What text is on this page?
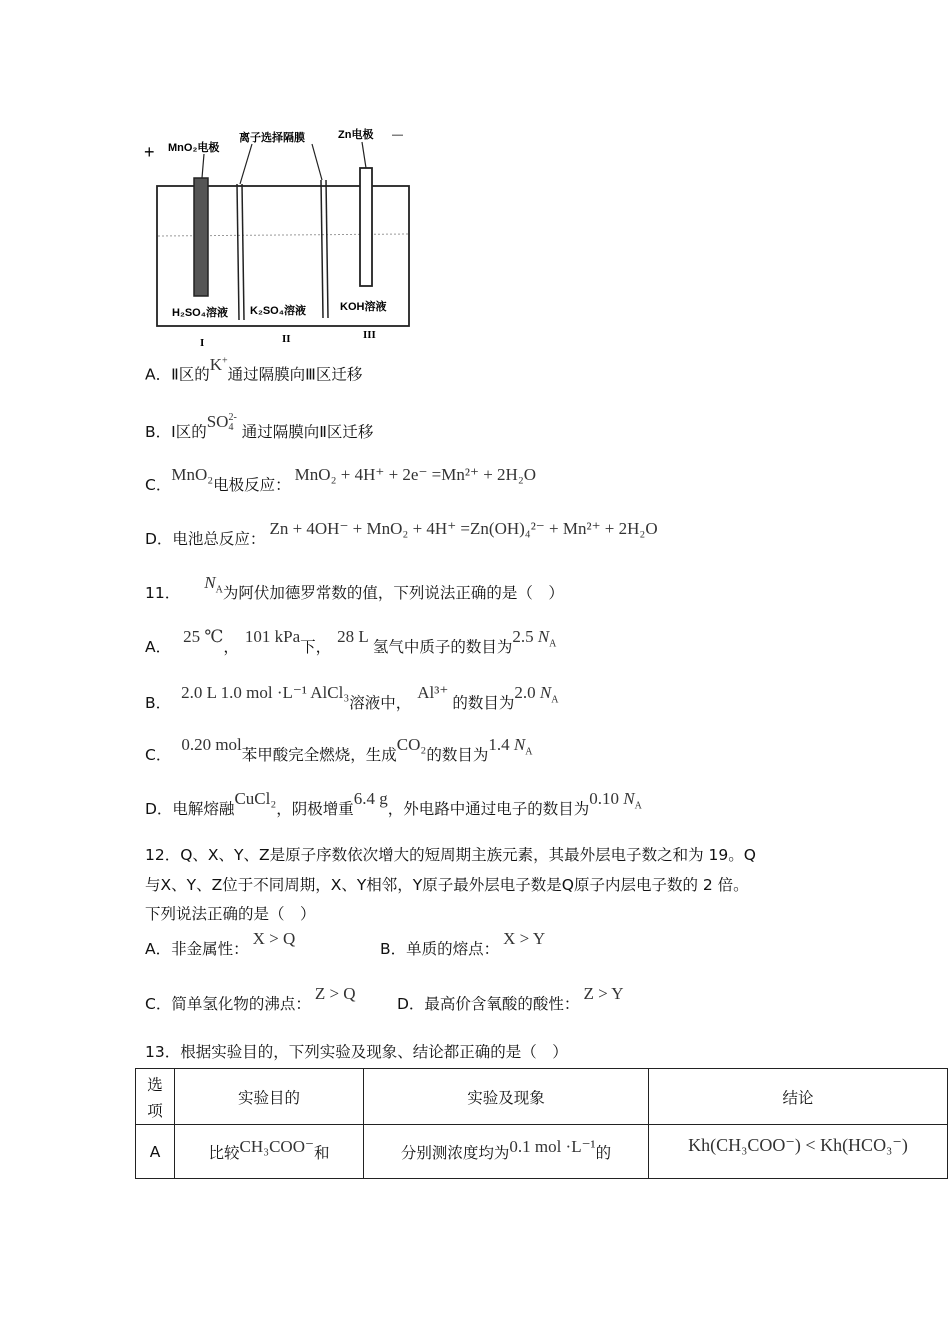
+ MnO₂电极
离子选择隔膜	Zn电极 —
H₂SO₄溶液 K₂SO₄溶液	KOH溶液
I	II	III
A．Ⅱ区的K+通过隔膜向Ⅲ区迁移
B．Ⅰ区的SO 2-
4 通过隔膜向Ⅱ区迁移
C．MnO₂电极反应：MnO₂ + 4H⁺ + 2e⁻ =Mn²⁺ + 2H₂O
D．电池总反应：Zn + 4OH⁻ + MnO₂ + 4H⁺ =Zn(OH)₄²⁻ + Mn²⁺ + 2H₂O
11．$N_A$为阿伏加德罗常数的值，下列说法正确的是（　）
A．25 ℃，101 kPa下，28 L氢气中质子的数目为2.5 $N_A$
B．2.0 L 1.0 mol ·L⁻¹ AlCl₃溶液中，Al³⁺的数目为2.0 $N_A$
C．0.20 mol苯甲酸完全燃烧，生成CO₂的数目为1.4 $N_A$
D．电解熔融CuCl₂，阴极增重6.4 g，外电路中通过电子的数目为0.10 $N_A$
12．Q、X、Y、Z是原子序数依次增大的短周期主族元素，其最外层电子数之和为 19。Q
与X、Y、Z位于不同周期，X、Y相邻，Y原子最外层电子数是Q原子内层电子数的 2 倍。
下列说法正确的是（　）
A．非金属性：X > Q
B．单质的熔点：X > Y
C．简单氢化物的沸点：Z > Q
D．最高价含氧酸的酸性：Z > Y
13．根据实验目的，下列实验及现象、结论都正确的是（　）
选项	实验目的	实验及现象	结论
A	比较CH₃COO⁻和	分别测浓度均为0.1 mol ·L⁻¹的	Kh(CH₃COO⁻) < Kh(HCO₃⁻)
